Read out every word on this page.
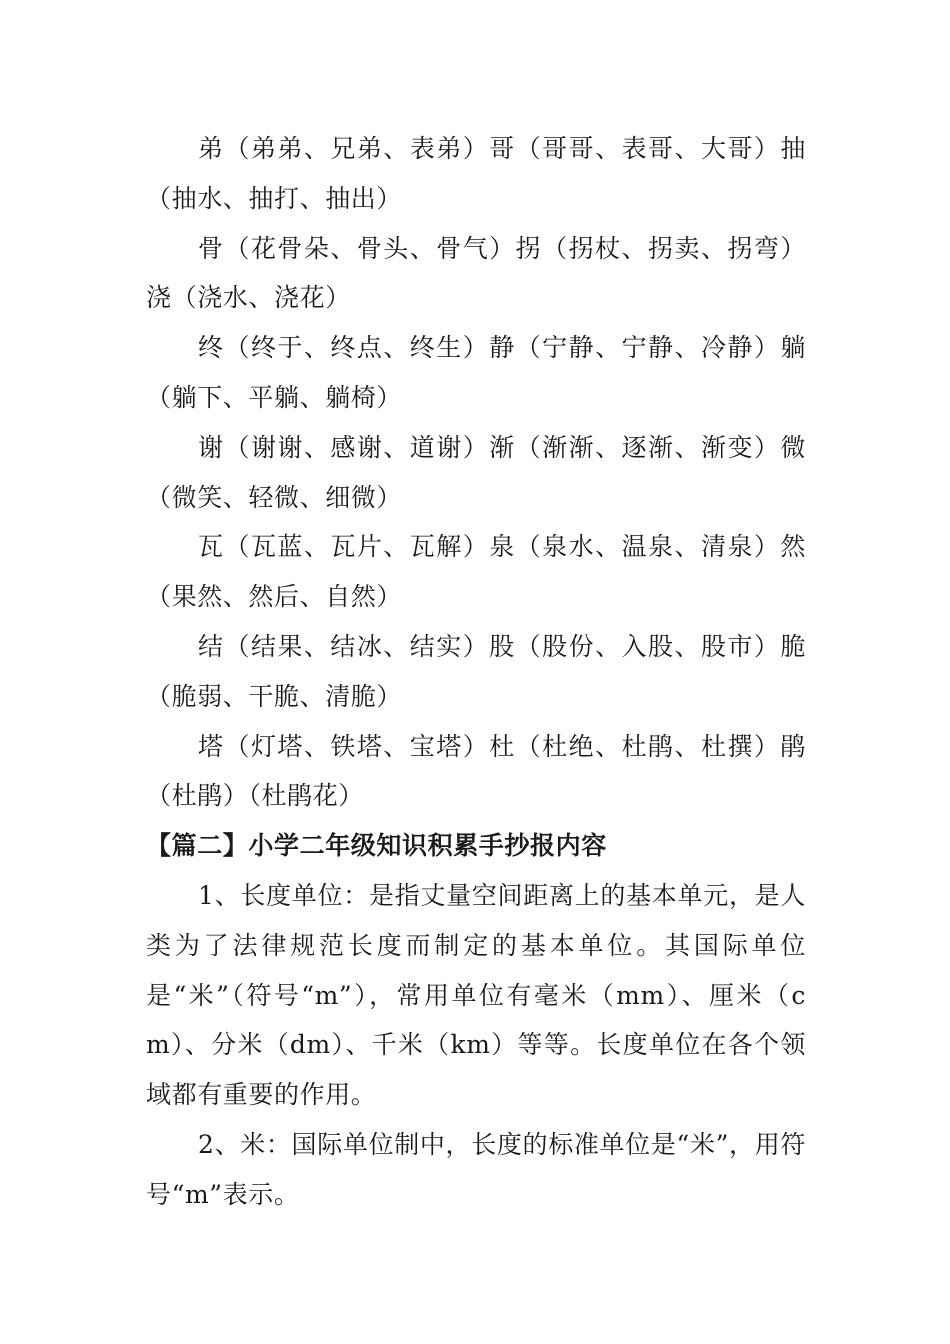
弟（弟弟、兄弟、表弟）哥（哥哥、表哥、大哥）抽（抽水、抽打、抽出）

骨（花骨朵、骨头、骨气）拐（拐杖、拐卖、拐弯）浇（浇水、浇花）

终（终于、终点、终生）静（宁静、宁静、冷静）躺（躺下、平躺、躺椅）

谢（谢谢、感谢、道谢）渐（渐渐、逐渐、渐变）微（微笑、轻微、细微）

瓦（瓦蓝、瓦片、瓦解）泉（泉水、温泉、清泉）然（果然、然后、自然）

结（结果、结冰、结实）股（股份、入股、股市）脆（脆弱、干脆、清脆）

塔（灯塔、铁塔、宝塔）杜（杜绝、杜鹃、杜撰）鹃（杜鹃）（杜鹃花）

【篇二】小学二年级知识积累手抄报内容

1、长度单位：是指丈量空间距离上的基本单元，是人类为了法律规范长度而制定的基本单位。其国际单位是“米”（符号“m”），常用单位有毫米（mm）、厘米（cm）、分米（dm）、千米（km）等等。长度单位在各个领域都有重要的作用。

2、米：国际单位制中，长度的标准单位是“米”，用符号“m”表示。
